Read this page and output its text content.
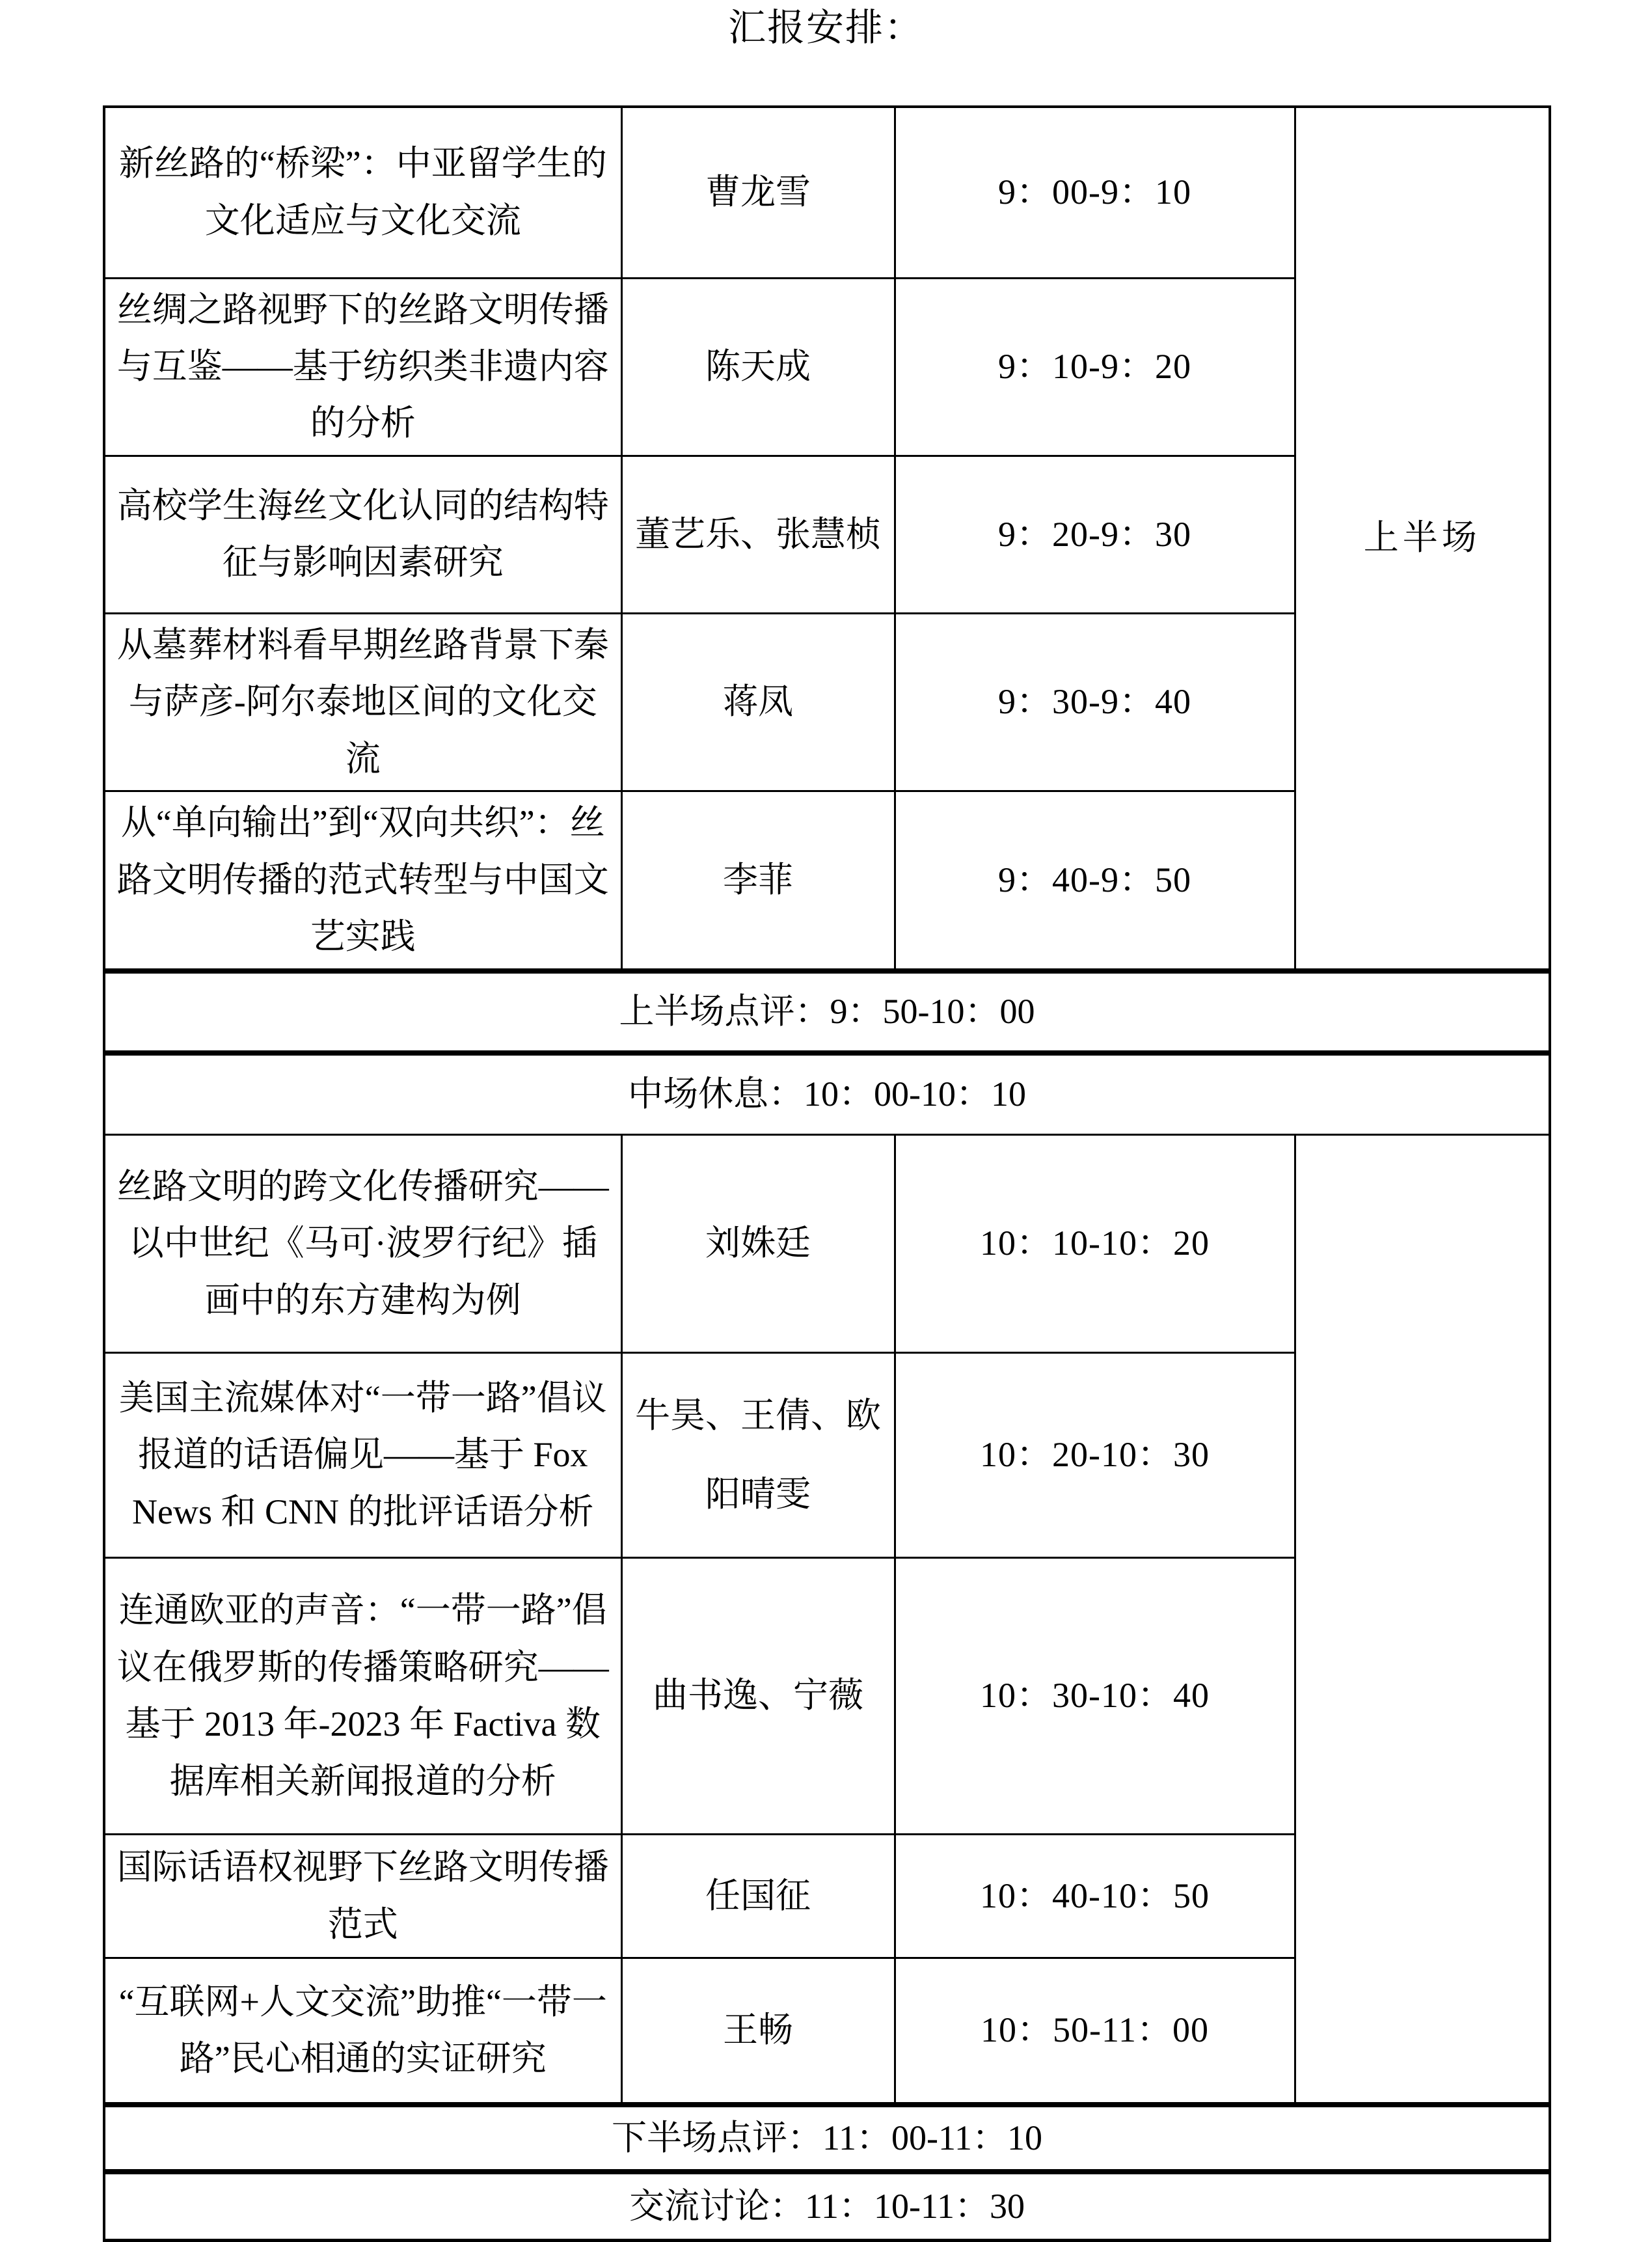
汇报安排：
新丝路的“桥梁”：中亚留学生的文化适应与文化交流	曹龙雪	9：00-9：10	上半场
丝绸之路视野下的丝路文明传播与互鉴——基于纺织类非遗内容的分析	陈天成	9：10-9：20	
高校学生海丝文化认同的结构特征与影响因素研究	董艺乐、张慧桢	9：20-9：30	
从墓葬材料看早期丝路背景下秦与萨彦-阿尔泰地区间的文化交流	蒋凤	9：30-9：40	
从“单向输出”到“双向共织”：丝路文明传播的范式转型与中国文艺实践	李菲	9：40-9：50	
上半场点评：9：50-10：00			
中场休息：10：00-10：10			
丝路文明的跨文化传播研究——以中世纪《马可·波罗行纪》插画中的东方建构为例	刘姝廷	10：10-10：20	
美国主流媒体对“一带一路”倡议报道的话语偏见——基于 Fox News 和 CNN 的批评话语分析	牛昊、王倩、欧阳晴雯	10：20-10：30	
连通欧亚的声音：“一带一路”倡议在俄罗斯的传播策略研究——基于 2013 年-2023 年 Factiva 数据库相关新闻报道的分析	曲书逸、宁薇	10：30-10：40	
国际话语权视野下丝路文明传播范式	任国征	10：40-10：50	
“互联网+人文交流”助推“一带一路”民心相通的实证研究	王畅	10：50-11：00	
下半场点评：11：00-11：10			
交流讨论：11：10-11：30			
